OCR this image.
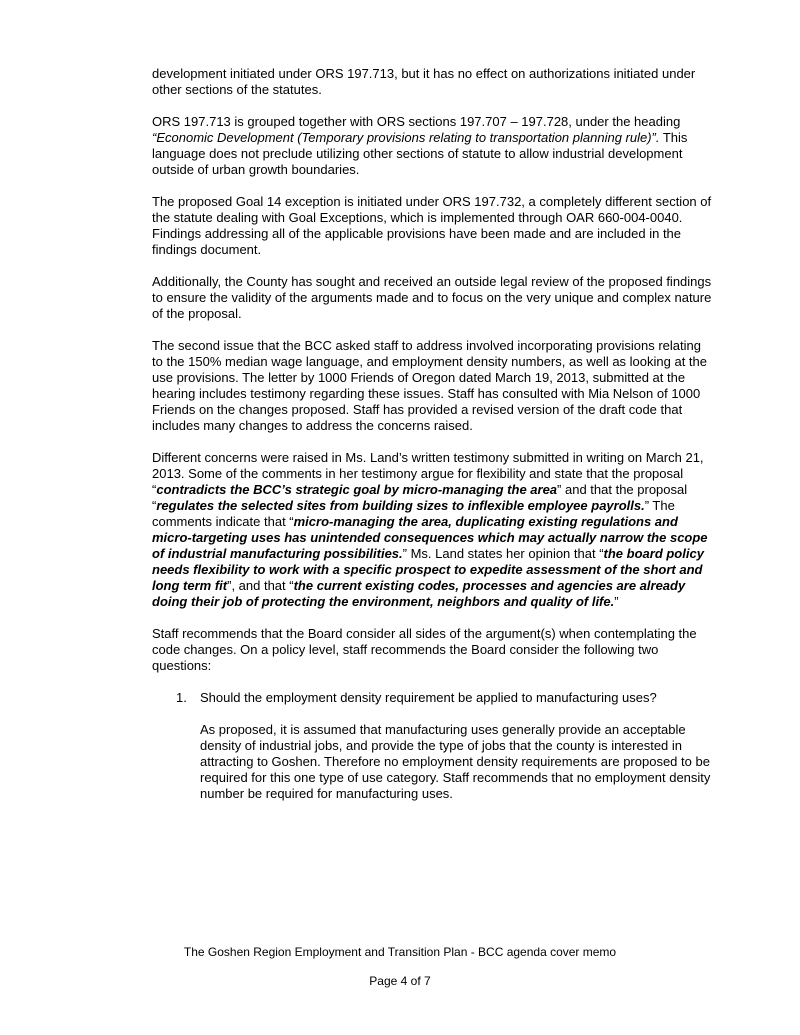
development initiated under ORS 197.713, but it has no effect on authorizations initiated under other sections of the statutes.

ORS 197.713 is grouped together with ORS sections 197.707 – 197.728, under the heading “Economic Development (Temporary provisions relating to transportation planning rule)”. This language does not preclude utilizing other sections of statute to allow industrial development outside of urban growth boundaries.

The proposed Goal 14 exception is initiated under ORS 197.732, a completely different section of the statute dealing with Goal Exceptions, which is implemented through OAR 660-004-0040. Findings addressing all of the applicable provisions have been made and are included in the findings document.

Additionally, the County has sought and received an outside legal review of the proposed findings to ensure the validity of the arguments made and to focus on the very unique and complex nature of the proposal.

The second issue that the BCC asked staff to address involved incorporating provisions relating to the 150% median wage language, and employment density numbers, as well as looking at the use provisions. The letter by 1000 Friends of Oregon dated March 19, 2013, submitted at the hearing includes testimony regarding these issues. Staff has consulted with Mia Nelson of 1000 Friends on the changes proposed. Staff has provided a revised version of the draft code that includes many changes to address the concerns raised.

Different concerns were raised in Ms. Land’s written testimony submitted in writing on March 21, 2013. Some of the comments in her testimony argue for flexibility and state that the proposal “contradicts the BCC’s strategic goal by micro-managing the area” and that the proposal “regulates the selected sites from building sizes to inflexible employee payrolls.” The comments indicate that “micro-managing the area, duplicating existing regulations and micro-targeting uses has unintended consequences which may actually narrow the scope of industrial manufacturing possibilities.” Ms. Land states her opinion that “the board policy needs flexibility to work with a specific prospect to expedite assessment of the short and long term fit”, and that “the current existing codes, processes and agencies are already doing their job of protecting the environment, neighbors and quality of life.”

Staff recommends that the Board consider all sides of the argument(s) when contemplating the code changes. On a policy level, staff recommends the Board consider the following two questions:

1. Should the employment density requirement be applied to manufacturing uses?

As proposed, it is assumed that manufacturing uses generally provide an acceptable density of industrial jobs, and provide the type of jobs that the county is interested in attracting to Goshen. Therefore no employment density requirements are proposed to be required for this one type of use category. Staff recommends that no employment density number be required for manufacturing uses.

The Goshen Region Employment and Transition Plan - BCC agenda cover memo
Page 4 of 7
